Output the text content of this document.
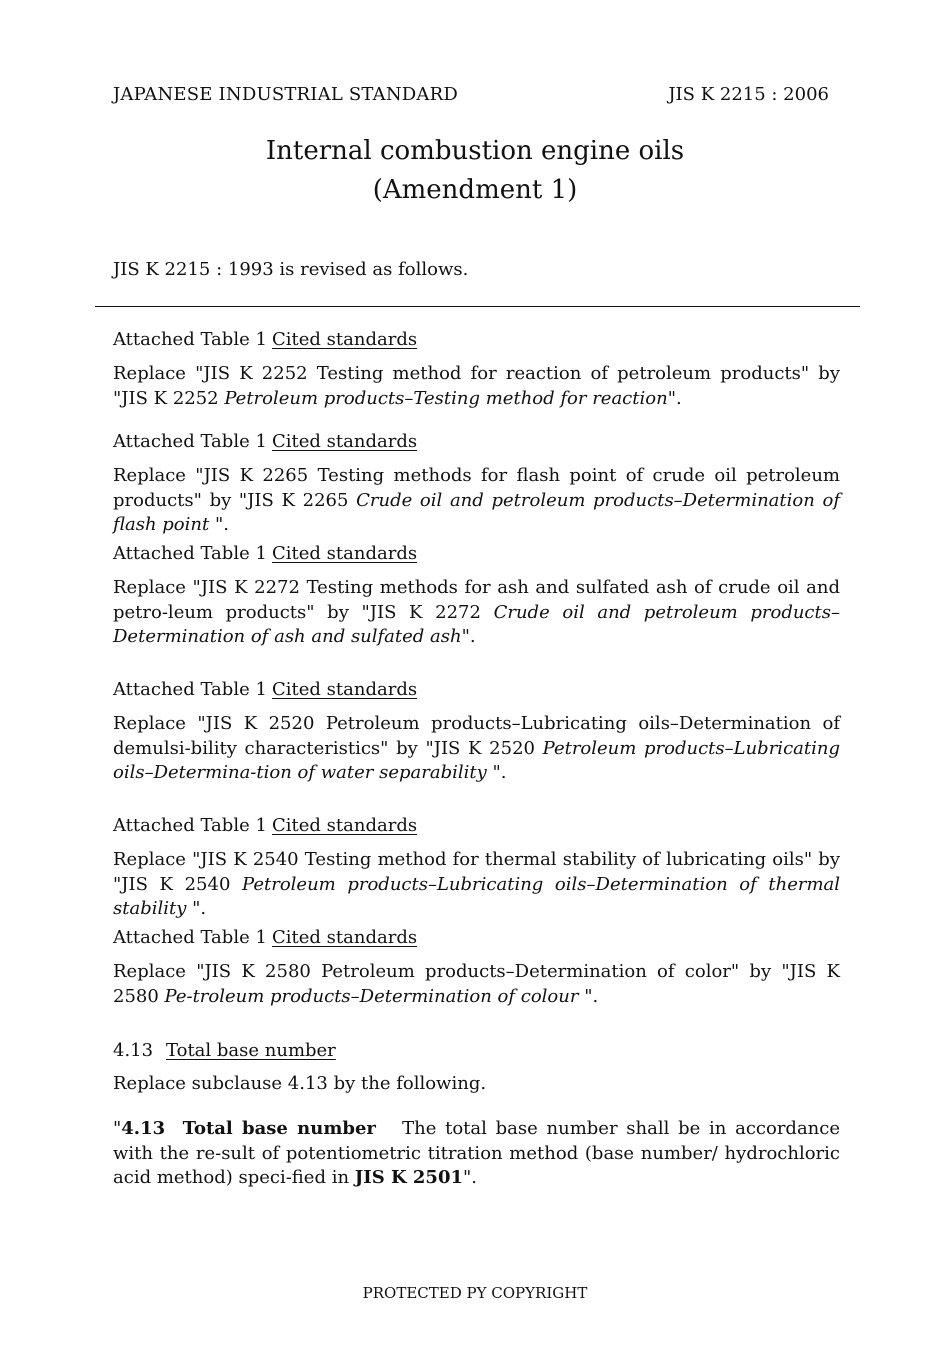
JAPANESE INDUSTRIAL STANDARD	JIS K 2215 : 2006
Internal combustion engine oils
(Amendment 1)
JIS K 2215 : 1993 is revised as follows.
Attached Table 1 Cited standards

Replace "JIS K 2252 Testing method for reaction of petroleum products" by "JIS K 2252 Petroleum products–Testing method for reaction".

Attached Table 1 Cited standards

Replace "JIS K 2265 Testing methods for flash point of crude oil petroleum products" by "JIS K 2265 Crude oil and petroleum products–Determination of flash point ".

Attached Table 1 Cited standards

Replace "JIS K 2272 Testing methods for ash and sulfated ash of crude oil and petro-leum products" by "JIS K 2272 Crude oil and petroleum products–Determination of ash and sulfated ash".

Attached Table 1 Cited standards

Replace "JIS K 2520 Petroleum products–Lubricating oils–Determination of demulsi-bility characteristics" by "JIS K 2520 Petroleum products–Lubricating oils–Determina-tion of water separability ".

Attached Table 1 Cited standards

Replace "JIS K 2540 Testing method for thermal stability of lubricating oils" by "JIS K 2540 Petroleum products–Lubricating oils–Determination of thermal stability ".

Attached Table 1 Cited standards

Replace "JIS K 2580 Petroleum products–Determination of color" by "JIS K 2580 Pe-troleum products–Determination of colour ".

4.13 Total base number
Replace subclause 4.13 by the following.

"4.13 Total base number The total base number shall be in accordance with the re-sult of potentiometric titration method (base number/ hydrochloric acid method) speci-fied in JIS K 2501".

PROTECTED PY COPYRIGHT
